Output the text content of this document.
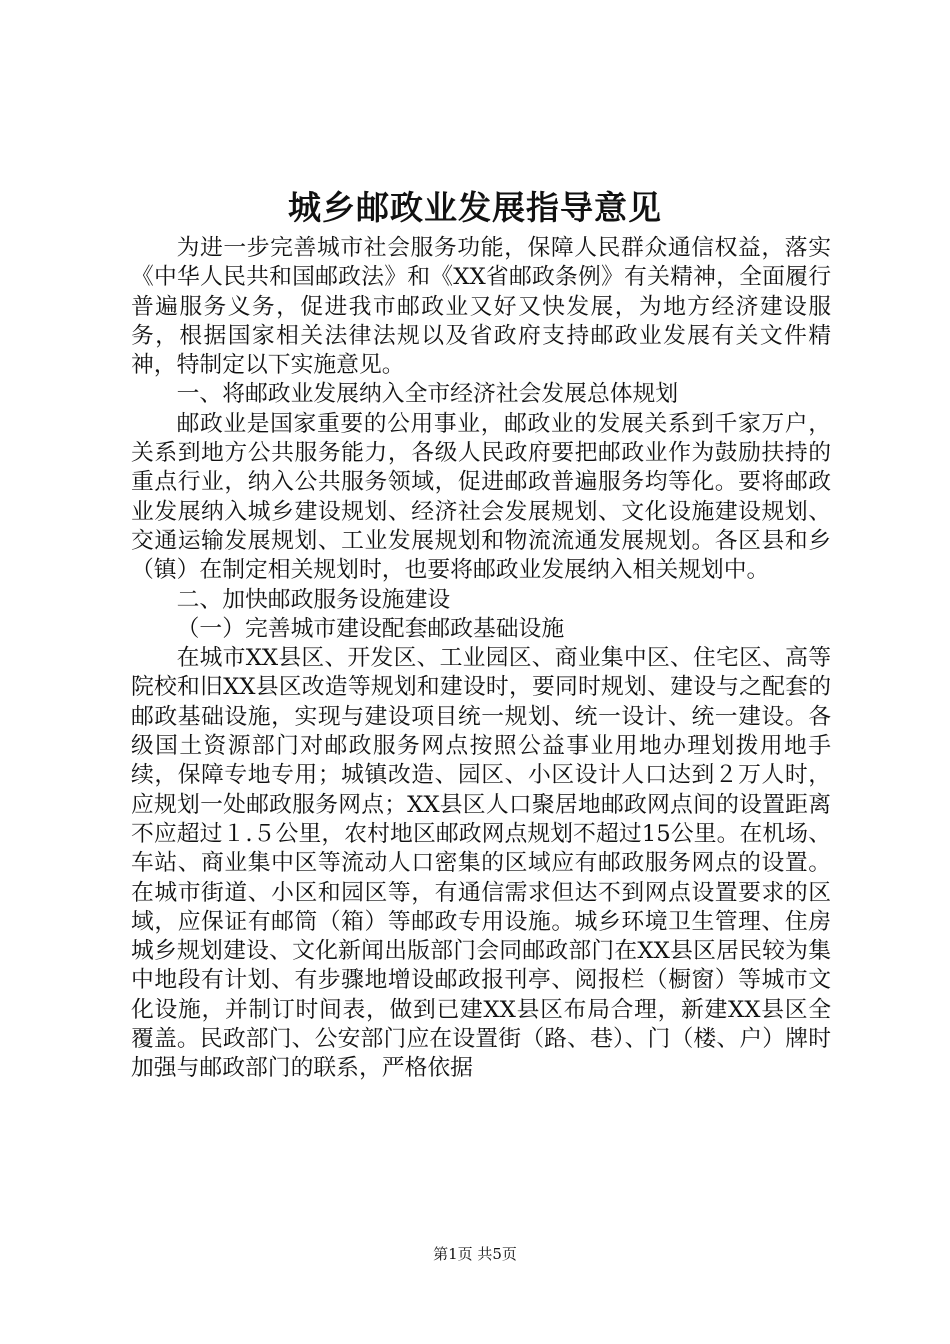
城乡邮政业发展指导意见

为进一步完善城市社会服务功能，保障人民群众通信权益，落实《中华人民共和国邮政法》和《XX省邮政条例》有关精神，全面履行普遍服务义务，促进我市邮政业又好又快发展，为地方经济建设服务，根据国家相关法律法规以及省政府支持邮政业发展有关文件精神，特制定以下实施意见。

一、将邮政业发展纳入全市经济社会发展总体规划

邮政业是国家重要的公用事业，邮政业的发展关系到千家万户，关系到地方公共服务能力，各级人民政府要把邮政业作为鼓励扶持的重点行业，纳入公共服务领域，促进邮政普遍服务均等化。要将邮政业发展纳入城乡建设规划、经济社会发展规划、文化设施建设规划、交通运输发展规划、工业发展规划和物流流通发展规划。各区县和乡（镇）在制定相关规划时，也要将邮政业发展纳入相关规划中。

二、加快邮政服务设施建设

（一）完善城市建设配套邮政基础设施

在城市XX县区、开发区、工业园区、商业集中区、住宅区、高等院校和旧XX县区改造等规划和建设时，要同时规划、建设与之配套的邮政基础设施，实现与建设项目统一规划、统一设计、统一建设。各级国土资源部门对邮政服务网点按照公益事业用地办理划拨用地手续，保障专地专用；城镇改造、园区、小区设计人口达到２万人时，应规划一处邮政服务网点；XX县区人口聚居地邮政网点间的设置距离不应超过１.５公里，农村地区邮政网点规划不超过15公里。在机场、车站、商业集中区等流动人口密集的区域应有邮政服务网点的设置。在城市街道、小区和园区等，有通信需求但达不到网点设置要求的区域，应保证有邮筒（箱）等邮政专用设施。城乡环境卫生管理、住房城乡规划建设、文化新闻出版部门会同邮政部门在XX县区居民较为集中地段有计划、有步骤地增设邮政报刊亭、阅报栏（橱窗）等城市文化设施，并制订时间表，做到已建XX县区布局合理，新建XX县区全覆盖。民政部门、公安部门应在设置街（路、巷）、门（楼、户）牌时加强与邮政部门的联系，严格依据

第1页 共5页
